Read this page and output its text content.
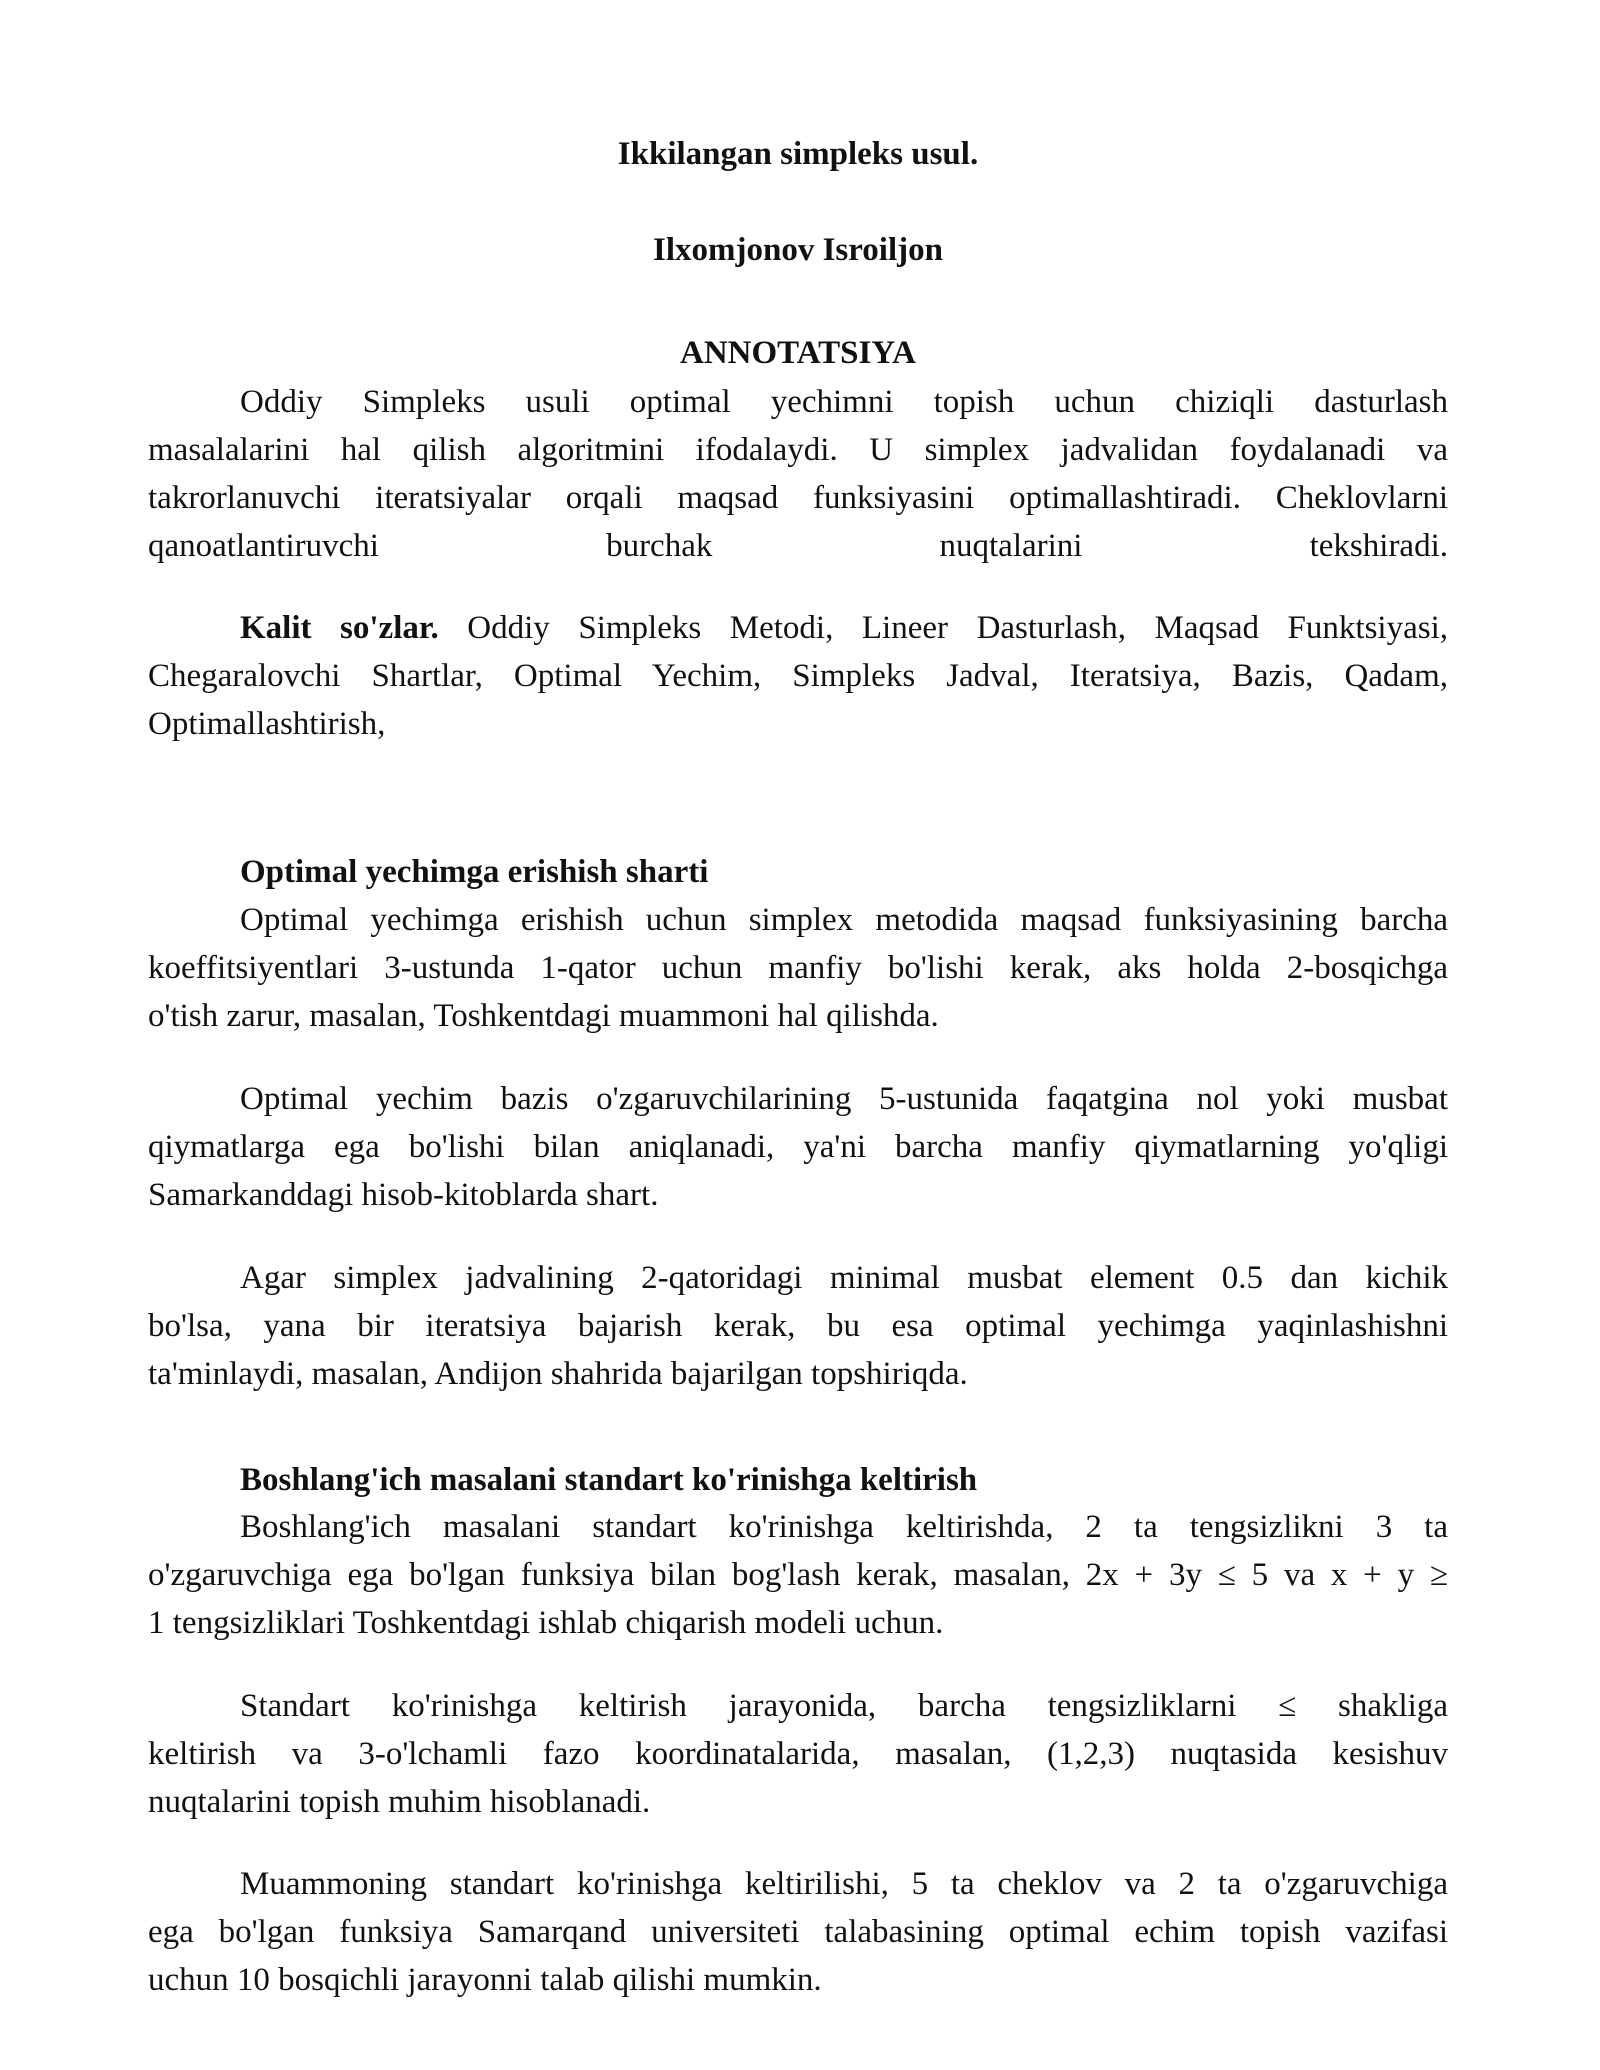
Ikkilangan simpleks usul.
Ilxomjonov Isroiljon
ANNOTATSIYA
Oddiy Simpleks usuli optimal yechimni topish uchun chiziqli dasturlash
masalalarini hal qilish algoritmini ifodalaydi. U simplex jadvalidan foydalanadi va
takrorlanuvchi iteratsiyalar orqali maqsad funksiyasini optimallashtiradi. Cheklovlarni
qanoatlantiruvchi burchak nuqtalarini tekshiradi.
Kalit so'zlar. Oddiy Simpleks Metodi, Lineer Dasturlash, Maqsad Funktsiyasi,
Chegaralovchi Shartlar, Optimal Yechim, Simpleks Jadval, Iteratsiya, Bazis, Qadam,
Optimallashtirish,
Optimal yechimga erishish sharti
Optimal yechimga erishish uchun simplex metodida maqsad funksiyasining barcha
koeffitsiyentlari 3-ustunda 1-qator uchun manfiy bo'lishi kerak, aks holda 2-bosqichga
o'tish zarur, masalan, Toshkentdagi muammoni hal qilishda.
Optimal yechim bazis o'zgaruvchilarining 5-ustunida faqatgina nol yoki musbat
qiymatlarga ega bo'lishi bilan aniqlanadi, ya'ni barcha manfiy qiymatlarning yo'qligi
Samarkanddagi hisob-kitoblarda shart.
Agar simplex jadvalining 2-qatoridagi minimal musbat element 0.5 dan kichik
bo'lsa, yana bir iteratsiya bajarish kerak, bu esa optimal yechimga yaqinlashishni
ta'minlaydi, masalan, Andijon shahrida bajarilgan topshiriqda.
Boshlang'ich masalani standart ko'rinishga keltirish
Boshlang'ich masalani standart ko'rinishga keltirishda, 2 ta tengsizlikni 3 ta
o'zgaruvchiga ega bo'lgan funksiya bilan bog'lash kerak, masalan, 2x + 3y ≤ 5 va x + y ≥
1 tengsizliklari Toshkentdagi ishlab chiqarish modeli uchun.
Standart ko'rinishga keltirish jarayonida, barcha tengsizliklarni ≤ shakliga
keltirish va 3-o'lchamli fazo koordinatalarida, masalan, (1,2,3) nuqtasida kesishuv
nuqtalarini topish muhim hisoblanadi.
Muammoning standart ko'rinishga keltirilishi, 5 ta cheklov va 2 ta o'zgaruvchiga
ega bo'lgan funksiya Samarqand universiteti talabasining optimal echim topish vazifasi
uchun 10 bosqichli jarayonni talab qilishi mumkin.
